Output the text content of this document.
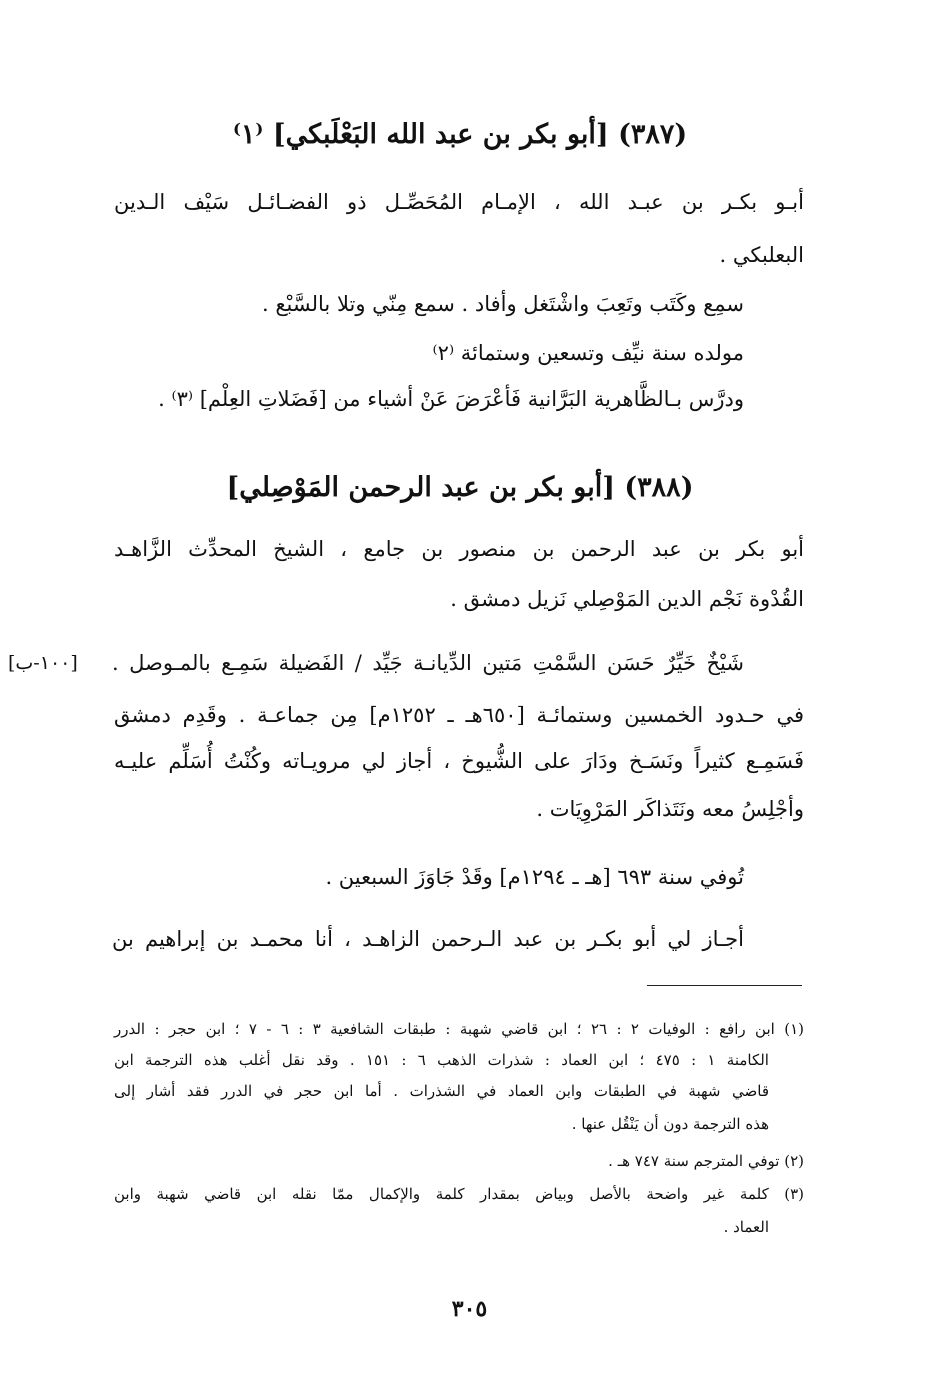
(٣٨٧) [أبو بكر بن عبد الله البَعْلَبكي] ⁽١⁾
أبـو بكـر بن عبـد الله ، الإمـام المُحَصِّـل ذو الفضـائـل سَيْف الـدين
البعلبكي .
سمِع وكَتَب وتَعِبَ واشْتَغل وأفاد . سمع مِنّي وتلا بالسَّبْع .
مولده سنة نيِّف وتسعين وستمائة ⁽٢⁾
ودرَّس بـالظَّاهرية البَرَّانية فَأعْرَضَ عَنْ أشياء من [فَضَلاتِ العِلْم] ⁽٣⁾ .
(٣٨٨) [أبو بكر بن عبد الرحمن المَوْصِلي]
أبو بكر بن عبد الرحمن بن منصور بن جامع ، الشيخ المحدِّث الزَّاهـد
القُدْوة نَجْم الدين المَوْصِلي نَزيل دمشق .
شَيْخٌ خَيِّرٌ حَسَن السَّمْتِ مَتين الدِّيانـة جَيِّد / الفَضيلة سَمِـع بالمـوصل .
[١٠٠-ب]
في حـدود الخمسين وستمائـة [٦٥٠هـ ـ ١٢٥٢م] مِن جماعـة . وقَدِم دمشق
فَسَمِـع كثيراً ونَسَـخ ودَارَ على الشُّيوخ ، أجاز لي مرويـاته وكُنْتُ أُسَلِّم عليـه
وأجْلِسُ معه ونَتَذاكَر المَرْوِيَات .
تُوفي سنة ٦٩٣ [هـ ـ ١٢٩٤م] وقَدْ جَاوَزَ السبعين .
أجـاز لي أبو بكـر بن عبد الـرحمن الزاهـد ، أنا محمـد بن إبراهيم بن
(١) ابن رافع : الوفيات ٢ : ٢٦ ؛ ابن قاضي شهبة : طبقات الشافعية ٣ : ٦ - ٧ ؛ ابن حجر : الدرر
الكامنة ١ : ٤٧٥ ؛ ابن العماد : شذرات الذهب ٦ : ١٥١ . وقد نقل أغلب هذه الترجمة ابن
قاضي شهبة في الطبقات وابن العماد في الشذرات . أما ابن حجر في الدرر فقد أشار إلى
هذه الترجمة دون أن يَنْقُل عنها .
(٢) توفي المترجم سنة ٧٤٧ هـ .
(٣) كلمة غير واضحة بالأصل وبياض بمقدار كلمة والإكمال ممّا نقله ابن قاضي شهبة وابن
العماد .
٣٠٥
